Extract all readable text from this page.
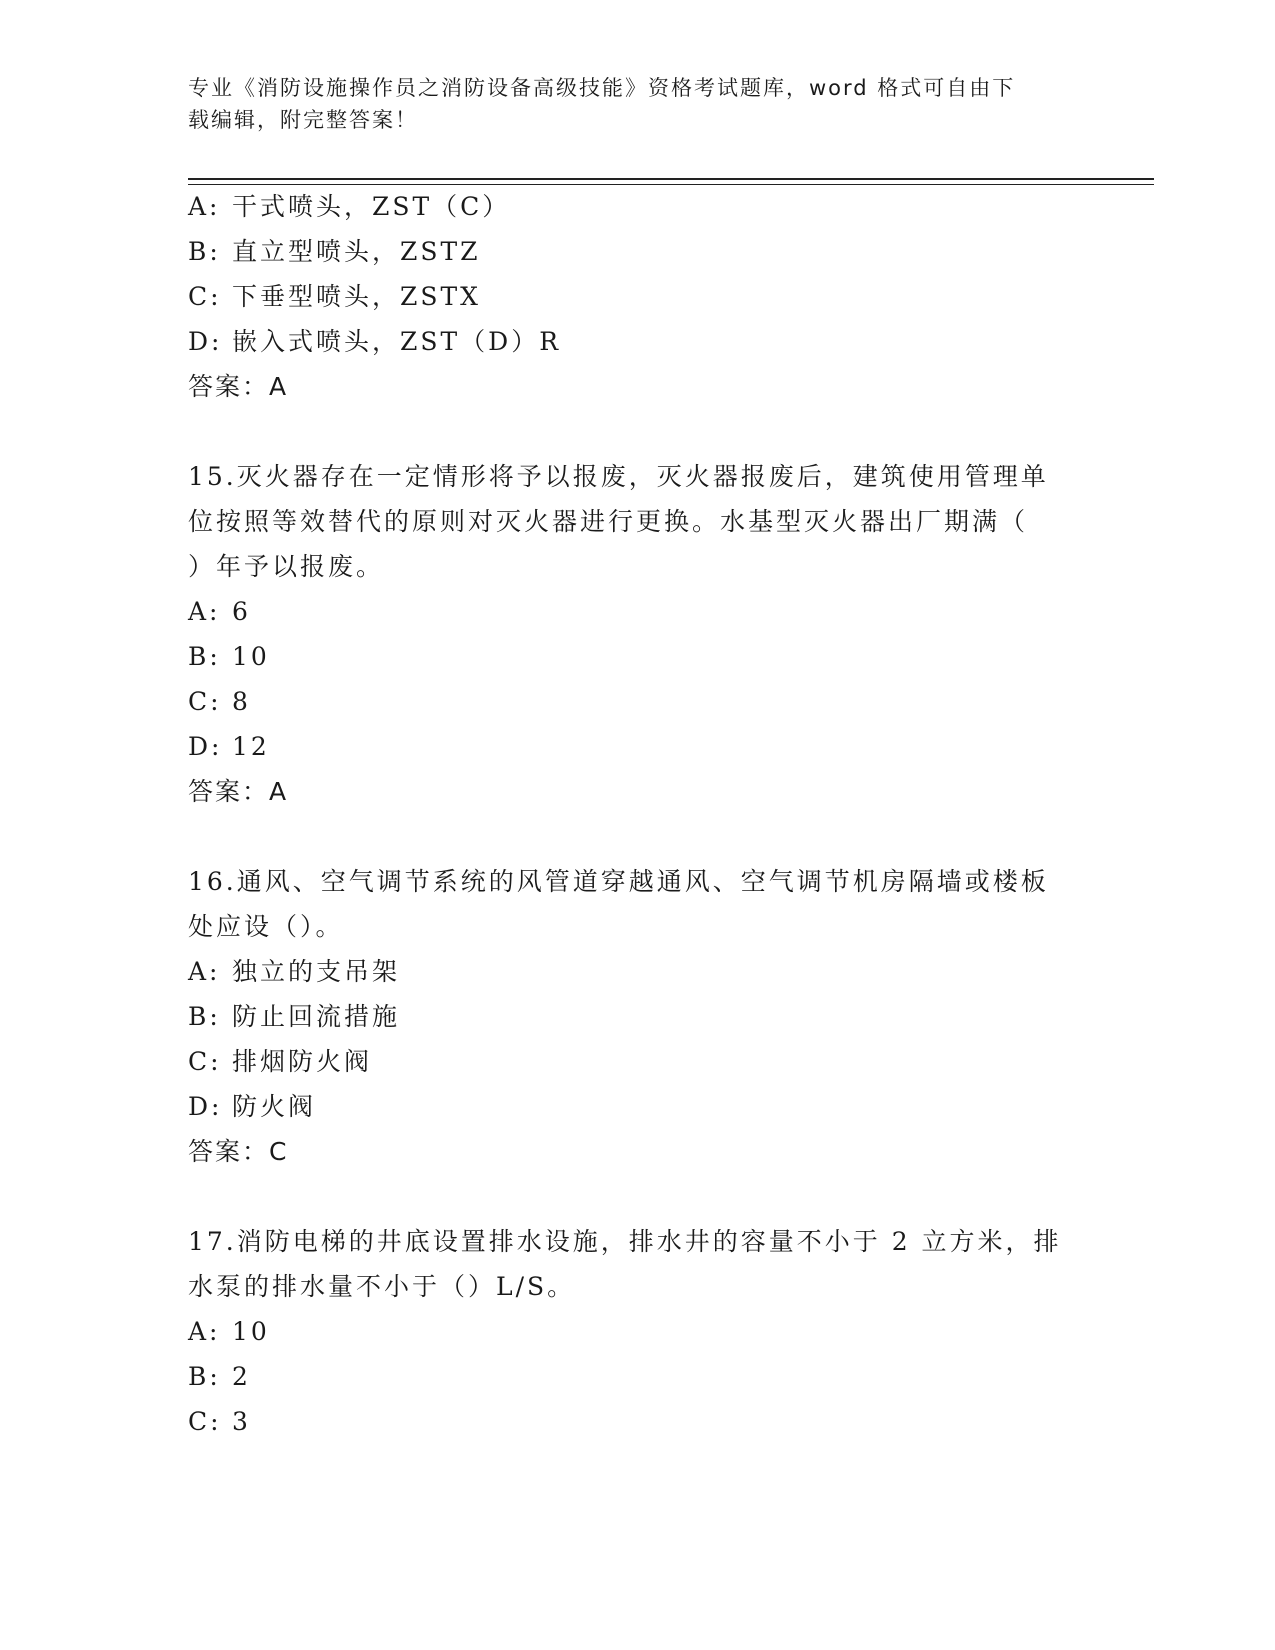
专业《消防设施操作员之消防设备高级技能》资格考试题库，word 格式可自由下
载编辑，附完整答案！
A: 干式喷头，ZST（C）
B: 直立型喷头，ZSTZ
C: 下垂型喷头，ZSTX
D: 嵌入式喷头，ZST（D）R
答案：A
15.灭火器存在一定情形将予以报废，灭火器报废后，建筑使用管理单
位按照等效替代的原则对灭火器进行更换。水基型灭火器出厂期满（
）年予以报废。
A: 6
B: 10
C: 8
D: 12
答案：A
16.通风、空气调节系统的风管道穿越通风、空气调节机房隔墙或楼板
处应设（）。
A: 独立的支吊架
B: 防止回流措施
C: 排烟防火阀
D: 防火阀
答案：C
17.消防电梯的井底设置排水设施，排水井的容量不小于 2 立方米，排
水泵的排水量不小于（）L/S。
A: 10
B: 2
C: 3
